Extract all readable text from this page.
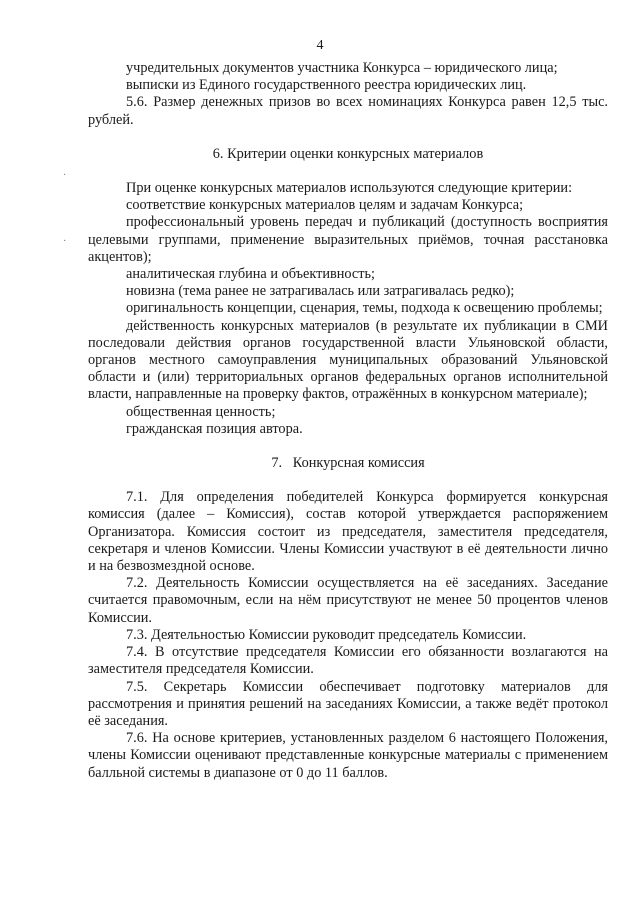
4
·
·

учредительных документов участника Конкурса – юридического лица;

выписки из Единого государственного реестра юридических лиц.

5.6. Размер денежных призов во всех номинациях Конкурса равен 12,5 тыс. рублей.

6. Критерии оценки конкурсных материалов

При оценке конкурсных материалов используются следующие критерии:

соответствие конкурсных материалов целям и задачам Конкурса;

профессиональный уровень передач и публикаций (доступность восприятия целевыми группами, применение выразительных приёмов, точная расстановка акцентов);

аналитическая глубина и объективность;

новизна (тема ранее не затрагивалась или затрагивалась редко);

оригинальность концепции, сценария, темы, подхода к освещению проблемы;

действенность конкурсных материалов (в результате их публикации в СМИ последовали действия органов государственной власти Ульяновской области, органов местного самоуправления муниципальных образований Ульяновской области и (или) территориальных органов федеральных органов исполнительной власти, направленные на проверку фактов, отражённых в конкурсном материале);

общественная ценность;

гражданская позиция автора.

7.   Конкурсная комиссия

7.1. Для определения победителей Конкурса формируется конкурсная комиссия (далее – Комиссия), состав которой утверждается распоряжением Организатора. Комиссия состоит из председателя, заместителя председателя, секретаря и членов Комиссии. Члены Комиссии участвуют в её деятельности лично и на безвозмездной основе.

7.2. Деятельность Комиссии осуществляется на её заседаниях. Заседание считается правомочным, если на нём присутствуют не менее 50 процентов членов Комиссии.

7.3. Деятельностью Комиссии руководит председатель Комиссии.

7.4. В отсутствие председателя Комиссии его обязанности возлагаются на заместителя председателя Комиссии.

7.5. Секретарь Комиссии обеспечивает подготовку материалов для рассмотрения и принятия решений на заседаниях Комиссии, а также ведёт протокол её заседания.

7.6. На основе критериев, установленных разделом 6 настоящего Положения, члены Комиссии оценивают представленные конкурсные материалы с применением балльной системы в диапазоне от 0 до 11 баллов.
